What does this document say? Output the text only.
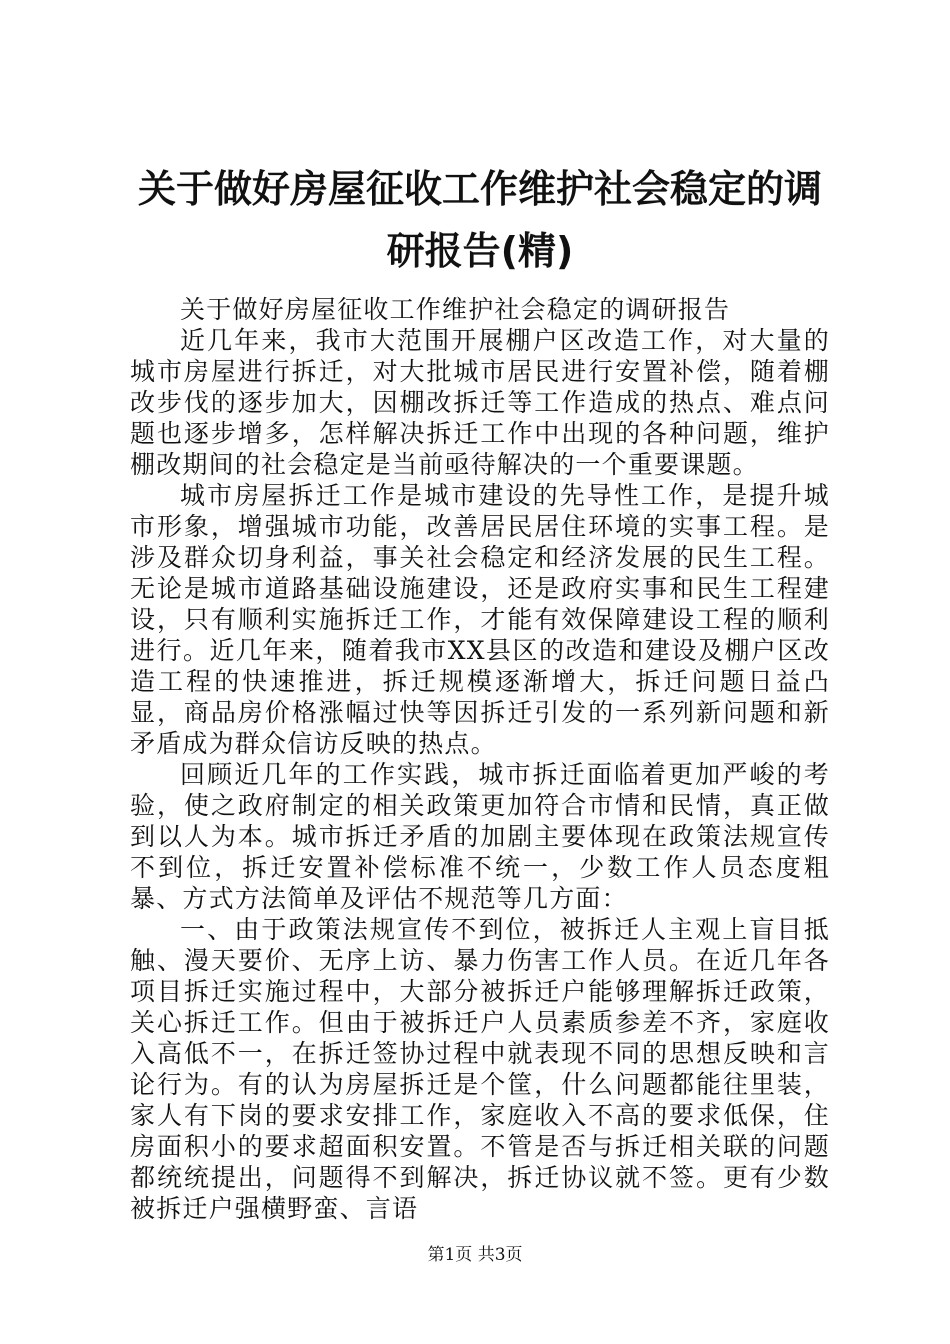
关于做好房屋征收工作维护社会稳定的调研报告(精)

关于做好房屋征收工作维护社会稳定的调研报告

近几年来，我市大范围开展棚户区改造工作，对大量的城市房屋进行拆迁，对大批城市居民进行安置补偿，随着棚改步伐的逐步加大，因棚改拆迁等工作造成的热点、难点问题也逐步增多，怎样解决拆迁工作中出现的各种问题，维护棚改期间的社会稳定是当前亟待解决的一个重要课题。

城市房屋拆迁工作是城市建设的先导性工作，是提升城市形象，增强城市功能，改善居民居住环境的实事工程。是涉及群众切身利益，事关社会稳定和经济发展的民生工程。无论是城市道路基础设施建设，还是政府实事和民生工程建设，只有顺利实施拆迁工作，才能有效保障建设工程的顺利进行。近几年来，随着我市XX县区的改造和建设及棚户区改造工程的快速推进，拆迁规模逐渐增大，拆迁问题日益凸显，商品房价格涨幅过快等因拆迁引发的一系列新问题和新矛盾成为群众信访反映的热点。

回顾近几年的工作实践，城市拆迁面临着更加严峻的考验，使之政府制定的相关政策更加符合市情和民情，真正做到以人为本。城市拆迁矛盾的加剧主要体现在政策法规宣传不到位，拆迁安置补偿标准不统一，少数工作人员态度粗暴、方式方法简单及评估不规范等几方面：

一、由于政策法规宣传不到位，被拆迁人主观上盲目抵触、漫天要价、无序上访、暴力伤害工作人员。在近几年各项目拆迁实施过程中，大部分被拆迁户能够理解拆迁政策，关心拆迁工作。但由于被拆迁户人员素质参差不齐，家庭收入高低不一，在拆迁签协过程中就表现不同的思想反映和言论行为。有的认为房屋拆迁是个筐，什么问题都能往里装，家人有下岗的要求安排工作，家庭收入不高的要求低保，住房面积小的要求超面积安置。不管是否与拆迁相关联的问题都统统提出，问题得不到解决，拆迁协议就不签。更有少数被拆迁户强横野蛮、言语

第1页 共3页
